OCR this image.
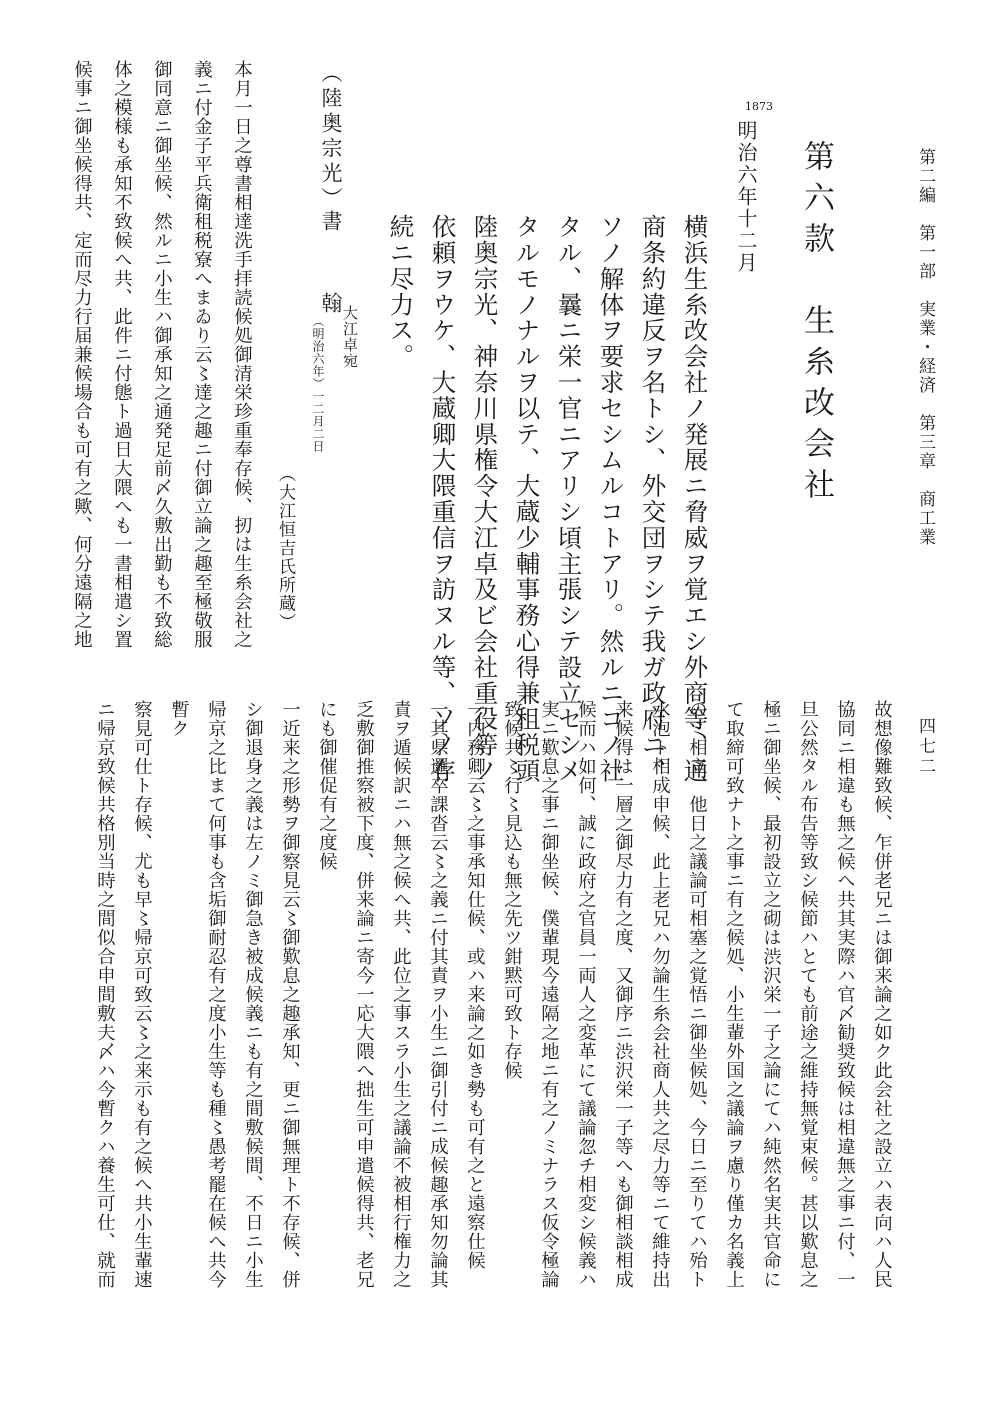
第二編　第一部　実業・経済　第三章　商工業
四七二
第六款　生糸改会社
1873
明治六年十二月
横浜生糸改会社ノ発展ニ脅威ヲ覚エシ外商等、通
商条約違反ヲ名トシ、外交団ヲシテ我ガ政府ニ、
ソノ解体ヲ要求セシムルコトアリ。然ルニコノ社
タル、曩ニ栄一官ニアリシ頃主張シテ設立セシメ
タルモノナルヲ以テ、大蔵少輔事務心得兼租税頭
陸奥宗光、神奈川県権令大江卓及ビ会社重役等ノ
依頼ヲウケ、大蔵卿大隈重信ヲ訪ヌル等、ソノ存
続ニ尽力ス。
大江卓宛
（明治六年）一二月二日
（陸奥宗光）
書　翰
（大江恒吉氏所蔵）
本月一日之尊書相達洗手拝読候処御清栄珍重奉存候、扨は生糸会社之
義ニ付金子平兵衛租税寮へまゐり云〻達之趣ニ付御立論之趣至極敬服
御同意ニ御坐候、然ルニ小生ハ御承知之通発足前〆久敷出勤も不致総
体之模様も承知不致候へ共、此件ニ付態ト過日大隈へも一書相遣シ置
候事ニ御坐候得共、定而尽力行届兼候場合も可有之歟、何分遠隔之地
故想像難致候、乍併老兄ニは御来論之如ク此会社之設立ハ表向ハ人民
協同ニ相違も無之候へ共其実際ハ官〆勧奨致候は相違無之事ニ付、一
旦公然タル布告等致シ候節ハとても前途之維持無覚束候。甚以歎息之
極ニ御坐候、最初設立之砌は渋沢栄一子之論にてハ純然名実共官命に
て取締可致ナト之事ニ有之候処、小生輩外国之議論ヲ慮り僅カ名義上
のミ相立、他日之議論可相塞之覚悟ニ御坐候処、今日ニ至りてハ殆ト
水泡ト相成申候、此上老兄ハ勿論生糸会社商人共之尽力等ニて維持出
来候得は一層之御尽力有之度、又御序ニ渋沢栄一子等へも御相談相成
候而ハ如何、誠に政府之官員一両人之変革にて議論忽チ相変シ候義ハ
実ニ歎息之事ニ御坐候、僕輩現今遠隔之地ニ有之ノミナラス仮令極論
致候共〻行〻見込も無之先ツ鉗黙可致ト存候
一内務卿云〻之事承知仕候、或ハ来論之如き勢も可有之と遠察仕候
一其県邏卒課沓云〻之義ニ付其責ヲ小生ニ御引付ニ成候趣承知勿論其
責ヲ遁候訳ニハ無之候へ共、此位之事スラ小生之議論不被相行権力之
乏敷御推察被下度、併来論ニ寄今一応大隈へ拙生可申遣候得共、老兄
にも御催促有之度候
一近来之形勢ヲ御察見云〻御歎息之趣承知、更ニ御無理ト不存候、併
シ御退身之義は左ノミ御急き被成候義ニも有之間敷候間、不日ニ小生
帰京之比まて何事も含垢御耐忍有之度小生等も種〻愚考罷在候へ共今
暫ク
察見可仕ト存候、尤も早〻帰京可致云〻之来示も有之候へ共小生輩速
ニ帰京致候共格別当時之間似合申間敷夫〆ハ今暫クハ養生可仕、就而
